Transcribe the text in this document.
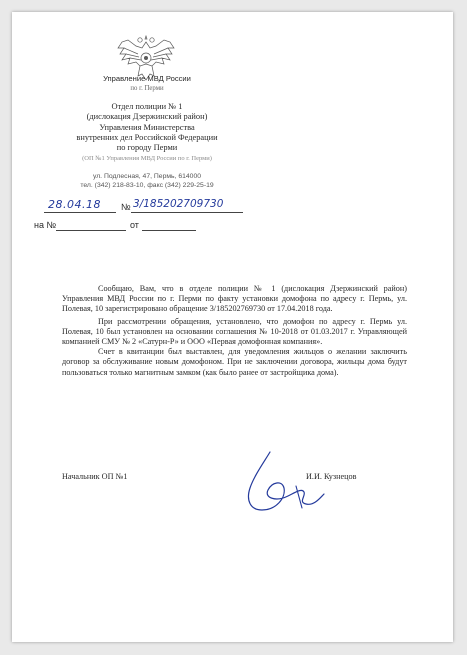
Управление МВД России
по г. Перми
Отдел полиции № 1
(дислокация Дзержинский район)
Управления Министерства
внутренних дел Российской Федерации
по городу Перми
(ОП №1 Управления МВД России по г. Перми)
ул. Подлесная, 47, Пермь, 614000
тел. (342) 218-83-10, факс (342) 229-25-19
28.04.18 № 3/185202709730
на №	от

Сообщаю, Вам, что в отделе полиции № 1 (дислокация Дзержинский район) Управления МВД России по г. Перми по факту установки домофона по адресу г. Пермь, ул. Полевая, 10 зарегистрировано обращение 3/185202769730 от 17.04.2018 года.

При рассмотрении обращения, установлено, что домофон по адресу г. Пермь ул. Полевая, 10 был установлен на основании соглашения № 10-2018 от 01.03.2017 г. Управляющей компанией СМУ № 2 «Сатурн-Р» и ООО «Первая домофонная компания».

Счет в квитанции был выставлен, для уведомления жильцов о желании заключить договор за обслуживание новым домофоном. При не заключении договора, жильцы дома будут пользоваться только магнитным замком (как было ранее от застройщика дома).

Начальник ОП №1	И.И. Кузнецов
